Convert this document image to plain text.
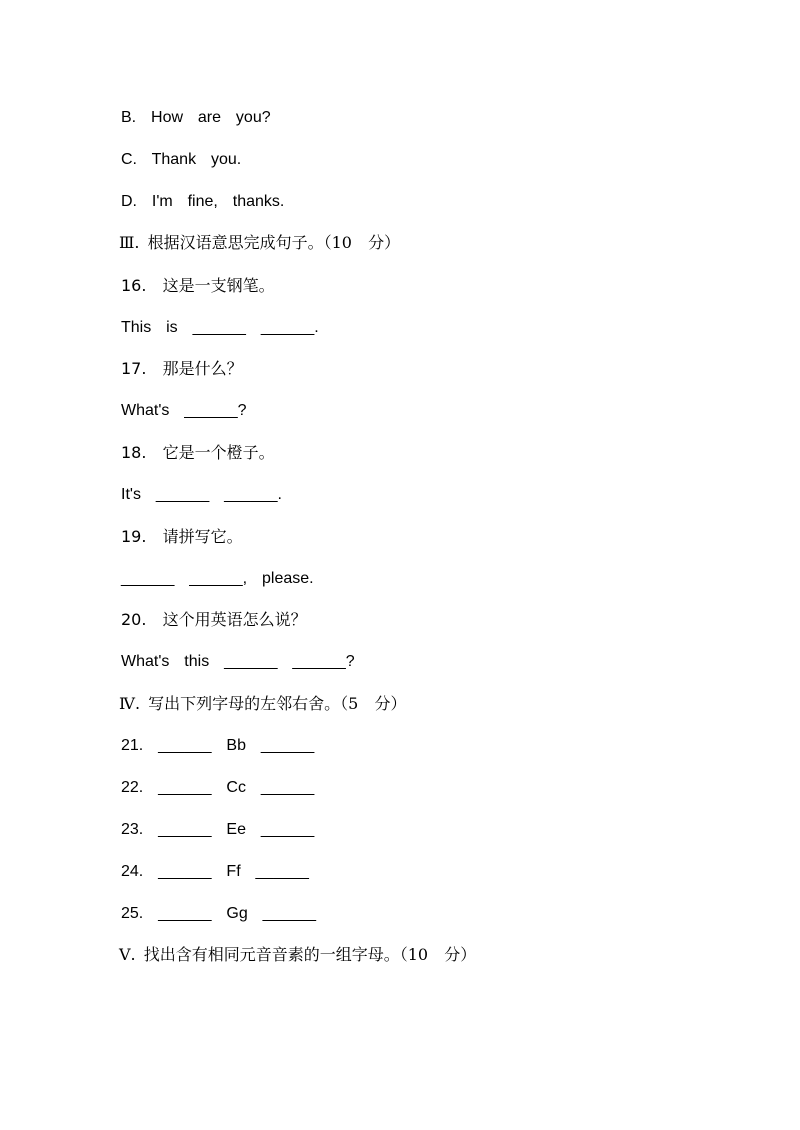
B.  How  are  you?
C.  Thank  you.
D.  I'm  fine,  thanks.
Ⅲ. 根据汉语意思完成句子。（10  分）
16.  这是一支钢笔。
This  is  ______  ______.
17.  那是什么？
What's  ______?
18.  它是一个橙子。
It's  ______  ______.
19.  请拼写它。
______  ______,  please.
20.  这个用英语怎么说？
What's  this  ______  ______?
Ⅳ. 写出下列字母的左邻右舍。（5  分）
21.  ______  Bb  ______
22.  ______  Cc  ______
23.  ______  Ee  ______
24.  ______  Ff  ______
25.  ______  Gg  ______
Ⅴ. 找出含有相同元音音素的一组字母。（10  分）
